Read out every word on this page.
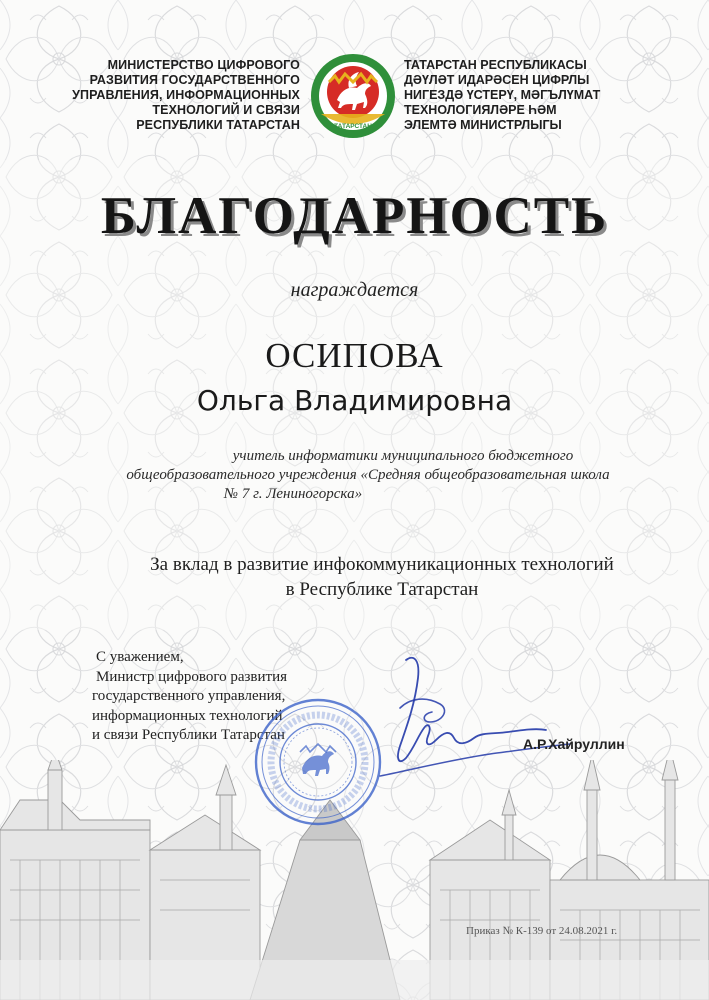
МИНИСТЕРСТВО ЦИФРОВОГО
РАЗВИТИЯ ГОСУДАРСТВЕННОГО
УПРАВЛЕНИЯ, ИНФОРМАЦИОННЫХ
ТЕХНОЛОГИЙ И СВЯЗИ
РЕСПУБЛИКИ ТАТАРСТАН	ТАТАРСТАН
ТАТАРСТАН РЕСПУБЛИКАСЫ
ДӘҮЛӘТ ИДАРӘСЕН ЦИФРЛЫ
НИГЕЗДӘ ҮСТЕРҮ, МӘГЪЛҮМАТ
ТЕХНОЛОГИЯЛӘРЕ ҺӘМ
ЭЛЕМТӘ МИНИСТРЛЫГЫ
БЛАГОДАРНОСТЬ
награждается
ОСИПОВА
Ольга Владимировна
учитель информатики муниципального бюджетного
общеобразовательного учреждения «Средняя общеобразовательная школа
№ 7 г. Лениногорска»
За вклад в развитие инфокоммуникационных технологий
в Республике Татарстан
С уважением,
Министр цифрового развития
государственного управления,
информационных технологий
и связи Республики Татарстан
А.Р.Хайруллин
Приказ № К-139 от 24.08.2021 г.
